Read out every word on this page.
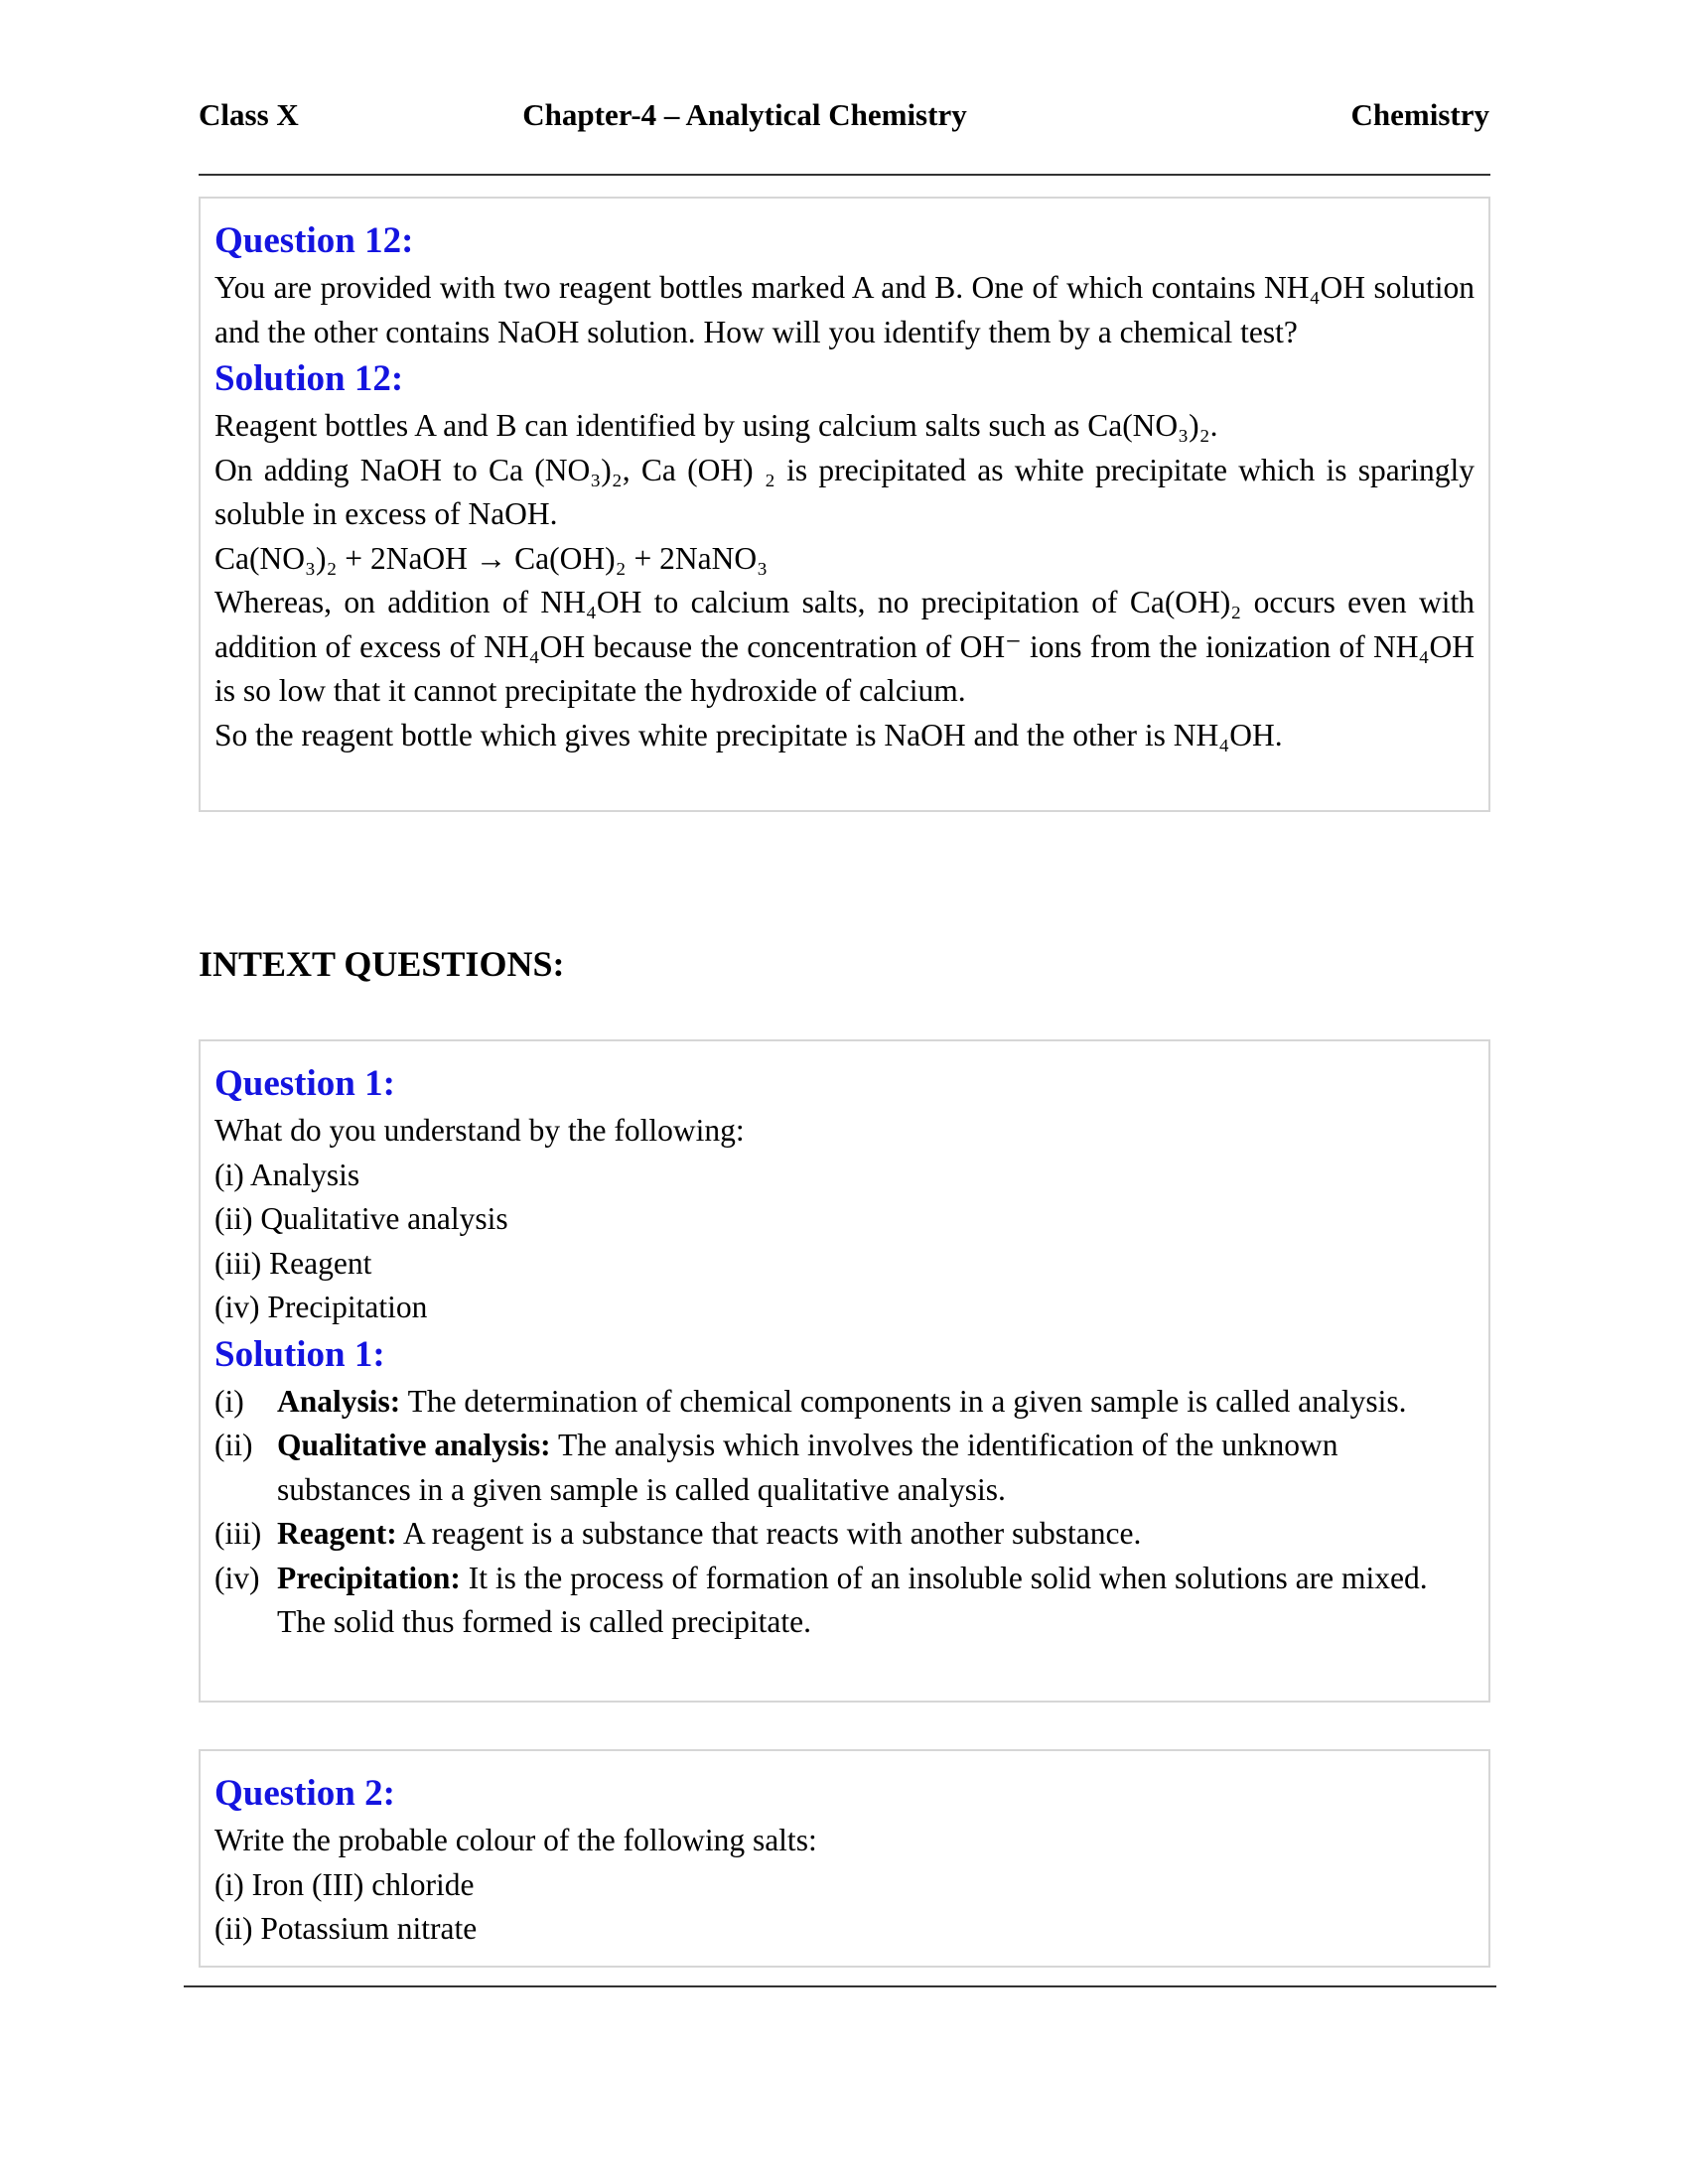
Class X	Chapter-4 – Analytical Chemistry	Chemistry
Question 12:
You are provided with two reagent bottles marked A and B. One of which contains NH₄OH solution and the other contains NaOH solution. How will you identify them by a chemical test?
Solution 12:
Reagent bottles A and B can identified by using calcium salts such as Ca(NO₃)₂.
On adding NaOH to Ca (NO₃)₂, Ca (OH) ₂ is precipitated as white precipitate which is sparingly soluble in excess of NaOH.
Ca(NO₃)₂ + 2NaOH → Ca(OH)₂ + 2NaNO₃
Whereas, on addition of NH₄OH to calcium salts, no precipitation of Ca(OH)₂ occurs even with addition of excess of NH₄OH because the concentration of OH⁻ ions from the ionization of NH₄OH is so low that it cannot precipitate the hydroxide of calcium.
So the reagent bottle which gives white precipitate is NaOH and the other is NH₄OH.
INTEXT QUESTIONS:
Question 1:
What do you understand by the following:
(i) Analysis
(ii) Qualitative analysis
(iii) Reagent
(iv) Precipitation
Solution 1:
(i)	Analysis: The determination of chemical components in a given sample is called analysis.
(ii) Qualitative analysis: The analysis which involves the identification of the unknown substances in a given sample is called qualitative analysis.
(iii) Reagent: A reagent is a substance that reacts with another substance.
(iv) Precipitation: It is the process of formation of an insoluble solid when solutions are mixed. The solid thus formed is called precipitate.
Question 2:
Write the probable colour of the following salts:
(i) Iron (III) chloride
(ii) Potassium nitrate
